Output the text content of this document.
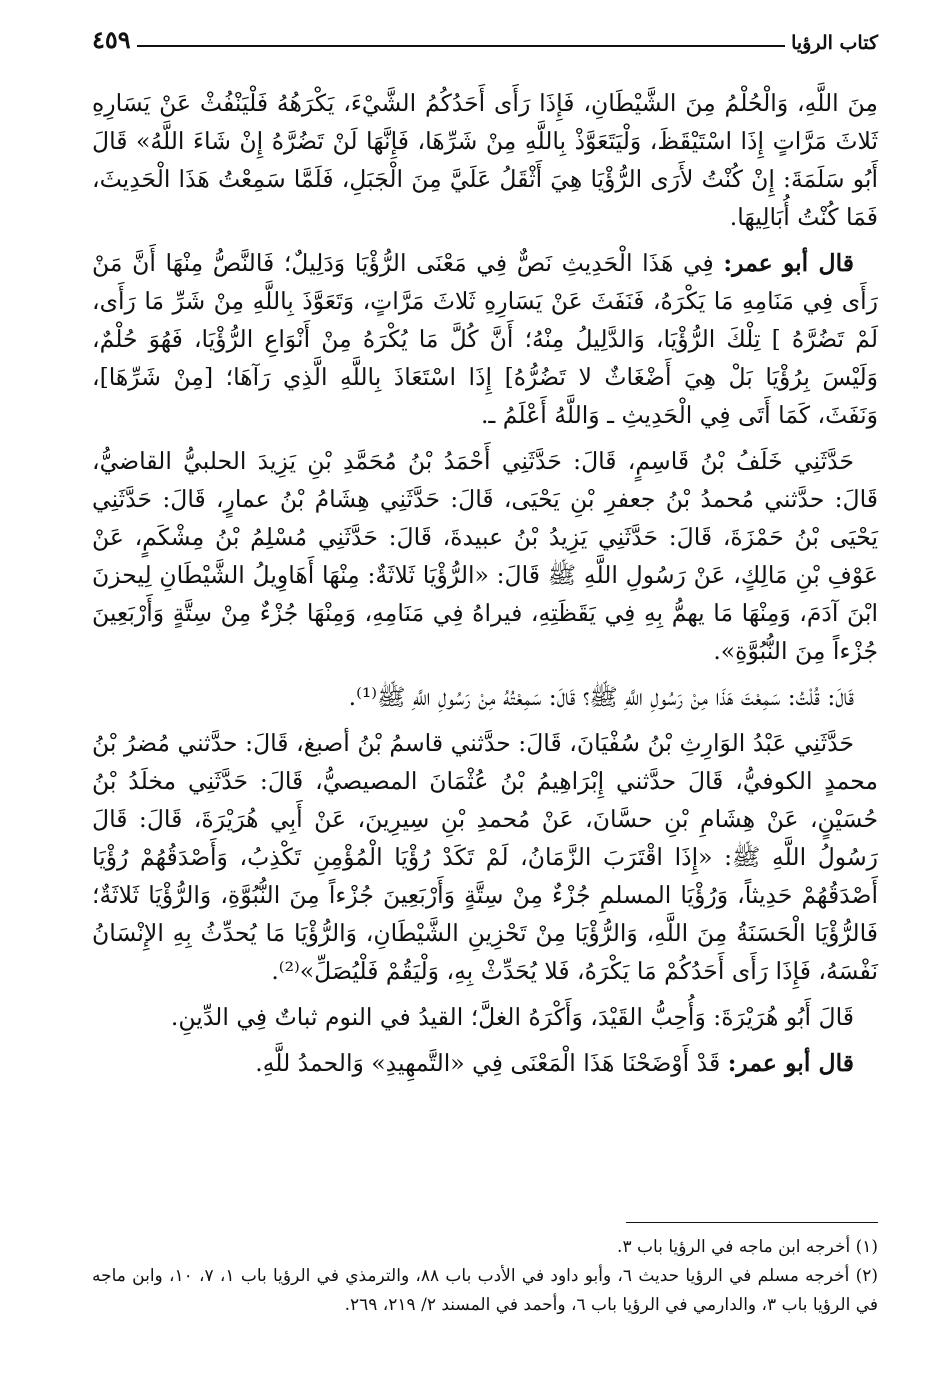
كتاب الرؤيا
٤٥٩

مِنَ اللَّهِ، وَالْحُلْمُ مِنَ الشَّيْطَانِ، فَإِذَا رَأَى أَحَدُكُمُ الشَّيْءَ، يَكْرَهُهُ فَلْيَنْفُثْ عَنْ يَسَارِهِ ثَلاثَ مَرَّاتٍ إِذَا اسْتَيْقَظَ، وَلْيَتَعَوَّذْ بِاللَّهِ مِنْ شَرِّهَا، فَإِنَّهَا لَنْ تَضُرَّهُ إِنْ شَاءَ اللَّهُ» قَالَ أَبُو سَلَمَةَ: إِنْ كُنْتُ لأَرَى الرُّؤْيَا هِيَ أَثْقَلُ عَلَيَّ مِنَ الْجَبَلِ، فَلَمَّا سَمِعْتُ هَذَا الْحَدِيثَ، فَمَا كُنْتُ أُبَالِيهَا.

قال أبو عمر: فِي هَذَا الْحَدِيثِ نَصٌّ فِي مَعْنَى الرُّؤْيَا وَدَلِيلٌ؛ فَالنَّصُّ مِنْهَا أَنَّ مَنْ رَأَى فِي مَنَامِهِ مَا يَكْرَهُ، فَنَفَثَ عَنْ يَسَارِهِ ثَلاثَ مَرَّاتٍ، وَتَعَوَّذَ بِاللَّهِ مِنْ شَرِّ مَا رَأَى، لَمْ تَضُرَّهُ ] تِلْكَ الرُّؤْيَا، وَالدَّلِيلُ مِنْهُ؛ أَنَّ كُلَّ مَا يُكْرَهُ مِنْ أَنْوَاعِ الرُّؤْيَا، فَهُوَ حُلْمٌ، وَلَيْسَ بِرُؤْيَا بَلْ هِيَ أَضْغَاثٌ لا تَضُرُّهُ] إِذَا اسْتَعَاذَ بِاللَّهِ الَّذِي رَآهَا؛ [مِنْ شَرِّهَا]، وَنَفَثَ، كَمَا أَتَى فِي الْحَدِيثِ ـ وَاللَّهُ أَعْلَمُ ـ.

حَدَّثَنِي خَلَفُ بْنُ قَاسِمٍ، قَالَ: حَدَّثَنِي أَحْمَدُ بْنُ مُحَمَّدِ بْنِ يَزِيدَ الحلبيُّ القاضيُّ، قَالَ: حدَّثني مُحمدُ بْنُ جعفرِ بْنِ يَحْيَى، قَالَ: حَدَّثَنِي هِشَامُ بْنُ عمارٍ، قَالَ: حَدَّثَنِي يَحْيَى بْنُ حَمْزَةَ، قَالَ: حَدَّثَنِي يَزِيدُ بْنُ عبيدةَ، قَالَ: حَدَّثَنِي مُسْلِمُ بْنُ مِشْكَمٍ، عَنْ عَوْفِ بْنِ مَالِكٍ، عَنْ رَسُولِ اللَّهِ ﷺ قَالَ: «الرُّؤْيَا ثَلاثَةٌ: مِنْهَا أَهَاوِيلُ الشَّيْطَانِ لِيحزنَ ابْنَ آدَمَ، وَمِنْهَا مَا يهمُّ بِهِ فِي يَقَظَتِهِ، فيراهُ فِي مَنَامِهِ، وَمِنْهَا جُزْءٌ مِنْ سِتَّةٍ وَأَرْبَعِينَ جُزْءاً مِنَ النُّبُوَّةِ».

قَالَ: قُلْتُ: سَمِعْتَ هَذَا مِنْ رَسُولِ اللَّهِ ﷺ؟ قَالَ: سَمِعْتُهُ مِنْ رَسُولِ اللَّهِ ﷺ⁽¹⁾.

حَدَّثَنِي عَبْدُ الوَارِثِ بْنُ سُفْيَانَ، قَالَ: حدَّثني قاسمُ بْنُ أصبغ، قَالَ: حدَّثني مُضرُ بْنُ محمدٍ الكوفيُّ، قَالَ حدَّثني إِبْرَاهِيمُ بْنُ عُثْمَانَ المصيصيُّ، قَالَ: حَدَّثَنِي مخلَدُ بْنُ حُسَيْنٍ، عَنْ هِشَامِ بْنِ حسَّانَ، عَنْ مُحمدِ بْنِ سِيرِينَ، عَنْ أَبِي هُرَيْرَةَ، قَالَ: قَالَ رَسُولُ اللَّهِ ﷺ: «إِذَا اقْتَرَبَ الزَّمَانُ، لَمْ تَكَدْ رُؤْيَا الْمُؤْمِنِ تَكْذِبُ، وَأَصْدَقُهُمْ رُؤْيَا أَصْدَقُهُمْ حَدِيثاً، وَرُؤْيَا المسلمِ جُزْءٌ مِنْ سِتَّةٍ وَأَرْبَعِينَ جُزْءاً مِنَ النُّبُوَّةِ، وَالرُّؤْيَا ثَلاثَةٌ؛ فَالرُّؤْيَا الْحَسَنَةُ مِنَ اللَّهِ، وَالرُّؤْيَا مِنْ تَحْزِينِ الشَّيْطَانِ، وَالرُّؤْيَا مَا يُحدِّثُ بِهِ الإِنْسَانُ نَفْسَهُ، فَإِذَا رَأَى أَحَدُكُمْ مَا يَكْرَهُ، فَلا يُحَدِّثْ بِهِ، وَلْيَقُمْ فَلْيُصَلِّ»⁽²⁾.

قَالَ أَبُو هُرَيْرَةَ: وَأُحِبُّ القَيْدَ، وَأَكْرَهُ الغلَّ؛ القيدُ في النوم ثباتٌ فِي الدِّينِ.

قال أبو عمر: قَدْ أَوْضَحْنَا هَذَا الْمَعْنَى فِي «التَّمهِيدِ» وَالحمدُ للَّهِ.

(١) أخرجه ابن ماجه في الرؤيا باب ٣.

(٢) أخرجه مسلم في الرؤيا حديث ٦، وأبو داود في الأدب باب ٨٨، والترمذي في الرؤيا باب ١، ٧، ١٠، وابن ماجه في الرؤيا باب ٣، والدارمي في الرؤيا باب ٦، وأحمد في المسند ٢/ ٢١٩، ٢٦٩.
